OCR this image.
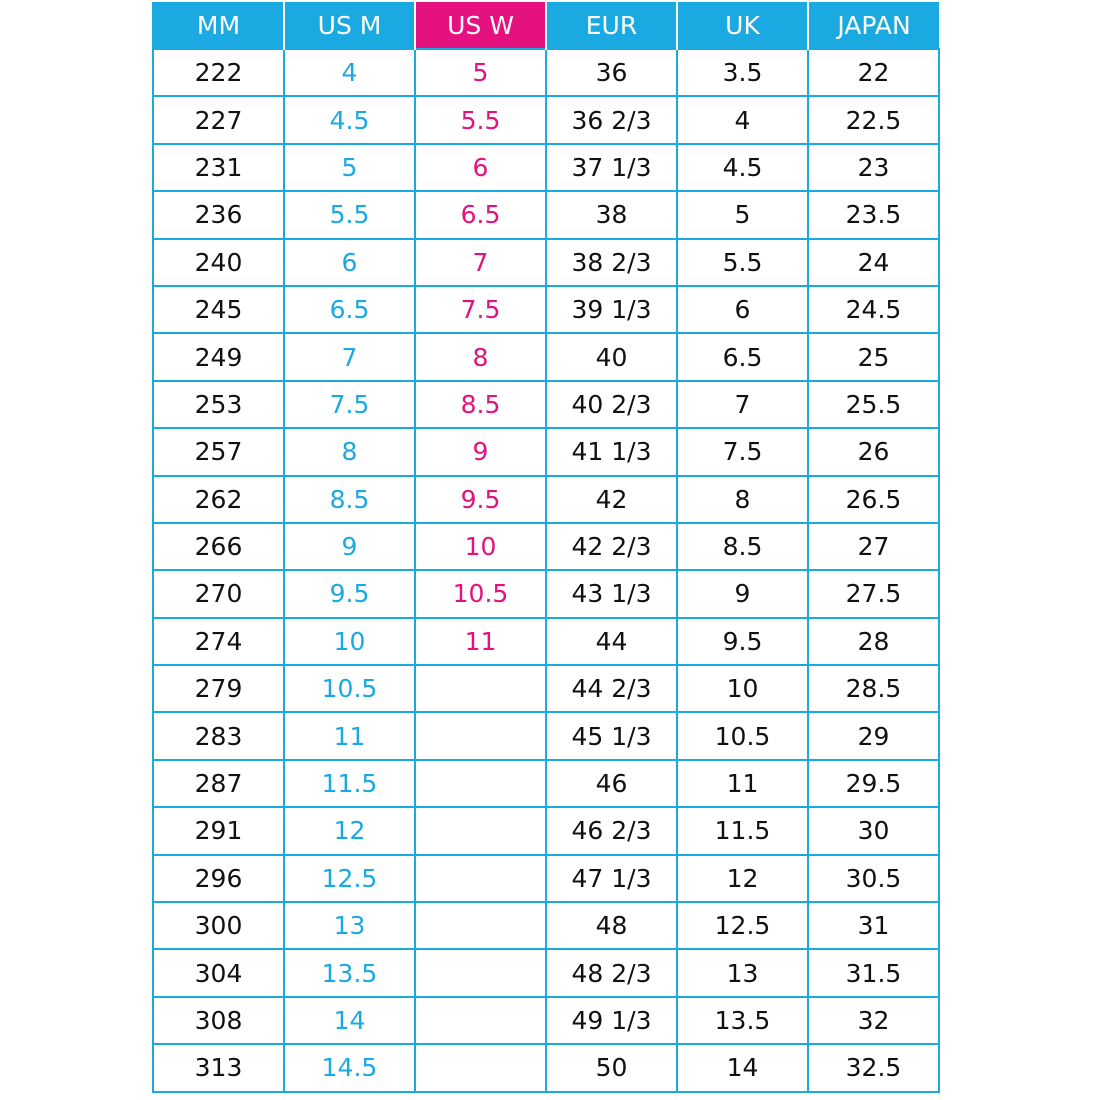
MM	US M	US W	EUR	UK	JAPAN
222	4	5	36	3.5	22
227	4.5	5.5	36 2/3	4	22.5
231	5	6	37 1/3	4.5	23
236	5.5	6.5	38	5	23.5
240	6	7	38 2/3	5.5	24
245	6.5	7.5	39 1/3	6	24.5
249	7	8	40	6.5	25
253	7.5	8.5	40 2/3	7	25.5
257	8	9	41 1/3	7.5	26
262	8.5	9.5	42	8	26.5
266	9	10	42 2/3	8.5	27
270	9.5	10.5	43 1/3	9	27.5
274	10	11	44	9.5	28
279	10.5		44 2/3	10	28.5
283	11		45 1/3	10.5	29
287	11.5		46	11	29.5
291	12		46 2/3	11.5	30
296	12.5		47 1/3	12	30.5
300	13		48	12.5	31
304	13.5		48 2/3	13	31.5
308	14		49 1/3	13.5	32
313	14.5		50	14	32.5
